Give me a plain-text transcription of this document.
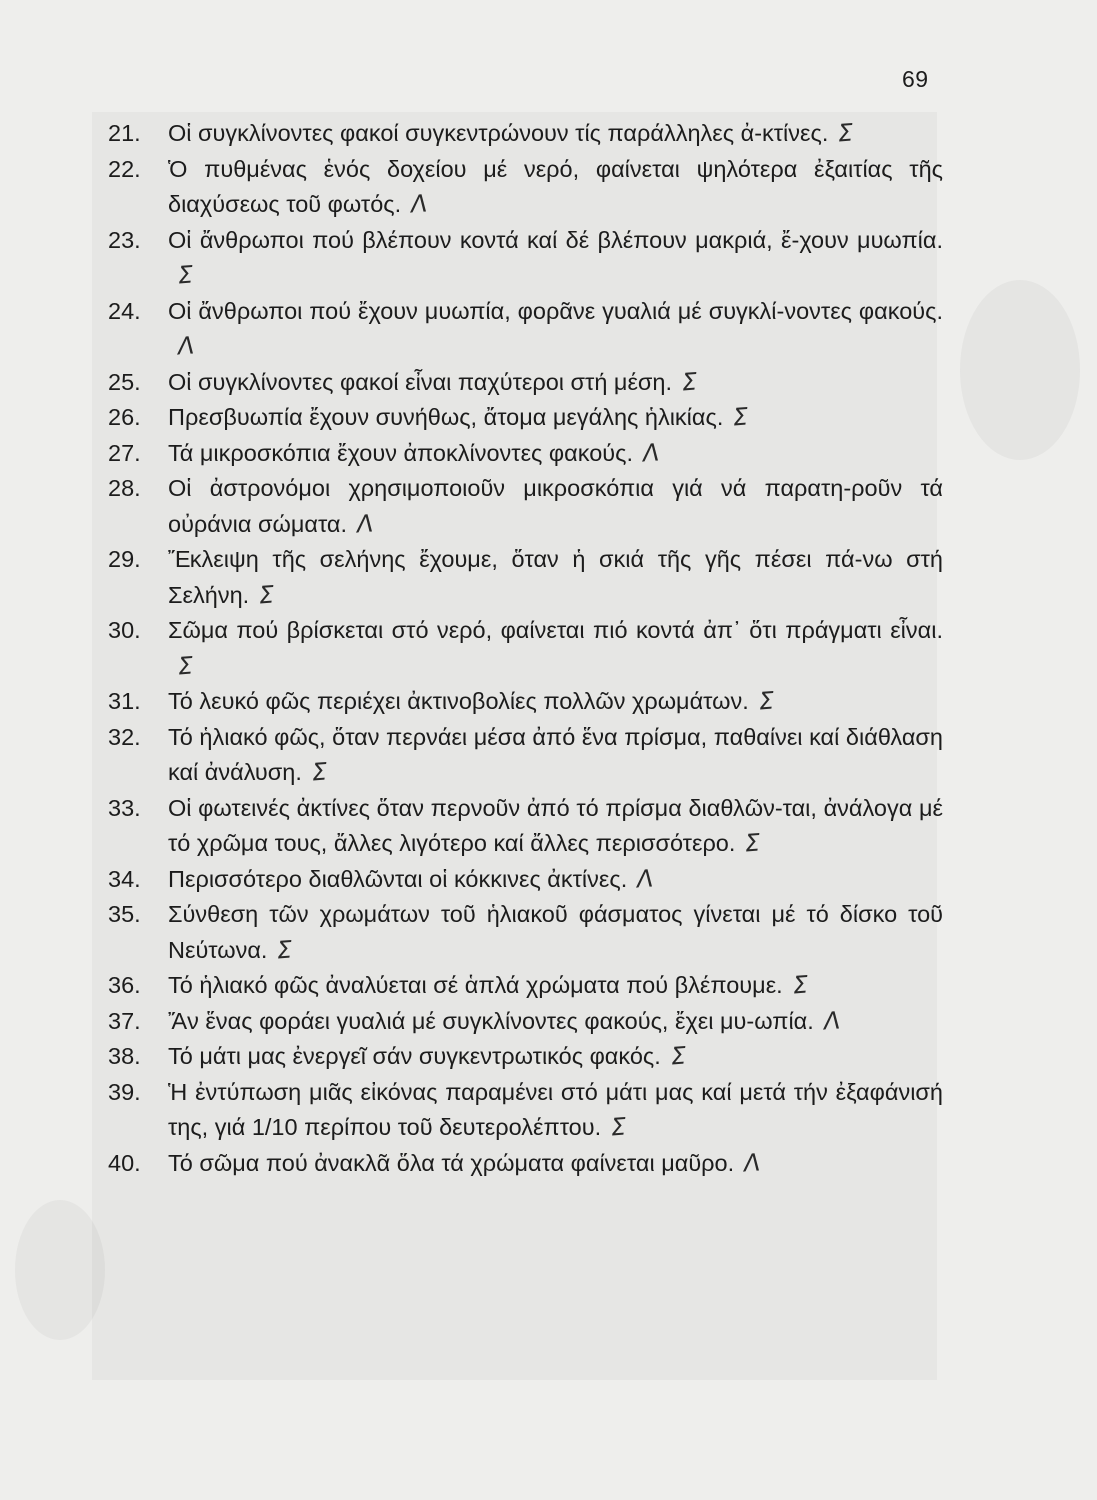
69
21.	Οἱ συγκλίνοντες φακοί συγκεντρώνουν τίς παράλληλες ἀ-κτίνες. Σ
22.	Ὁ πυθμένας ἑνός δοχείου μέ νερό, φαίνεται ψηλότερα ἐξαιτίας τῆς διαχύσεως τοῦ φωτός. Λ
23.	Οἱ ἄνθρωποι πού βλέπουν κοντά καί δέ βλέπουν μακριά, ἔ-χουν μυωπία.Σ
24.	Οἱ ἄνθρωποι πού ἔχουν μυωπία, φορᾶνε γυαλιά μέ συγκλί-νοντες φακούς.Λ
25.	Οἱ συγκλίνοντες φακοί εἶναι παχύτεροι στή μέση. Σ
26.	Πρεσβυωπία ἔχουν συνήθως, ἄτομα μεγάλης ἡλικίας. Σ
27.	Τά μικροσκόπια ἔχουν ἀποκλίνοντες φακούς. Λ
28.	Οἱ ἀστρονόμοι χρησιμοποιοῦν μικροσκόπια γιά νά παρατη-ροῦν τά οὐράνια σώματα. Λ
29.	Ἔκλειψη τῆς σελήνης ἔχουμε, ὅταν ἡ σκιά τῆς γῆς πέσει πά-νω στή Σελήνη. Σ
30.	Σῶμα πού βρίσκεται στό νερό, φαίνεται πιό κοντά ἀπ᾽ ὅτι πράγματι εἶναι.Σ
31.	Τό λευκό φῶς περιέχει ἀκτινοβολίες πολλῶν χρωμάτων. Σ
32.	Τό ἡλιακό φῶς, ὅταν περνάει μέσα ἀπό ἕνα πρίσμα, παθαίνει καί διάθλαση καί ἀνάλυση. Σ
33.	Οἱ φωτεινές ἀκτίνες ὅταν περνοῦν ἀπό τό πρίσμα διαθλῶν-ται, ἀνάλογα μέ τό χρῶμα τους, ἄλλες λιγότερο καί ἄλλες περισσότερο. Σ
34.	Περισσότερο διαθλῶνται οἱ κόκκινες ἀκτίνες. Λ
35.	Σύνθεση τῶν χρωμάτων τοῦ ἡλιακοῦ φάσματος γίνεται μέ τό δίσκο τοῦ Νεύτωνα. Σ
36.	Τό ἡλιακό φῶς ἀναλύεται σέ ἁπλά χρώματα πού βλέπουμε. Σ
37.	Ἄν ἕνας φοράει γυαλιά μέ συγκλίνοντες φακούς, ἔχει μυ-ωπία. Λ
38.	Τό μάτι μας ἐνεργεῖ σάν συγκεντρωτικός φακός. Σ
39.	Ἡ ἐντύπωση μιᾶς εἰκόνας παραμένει στό μάτι μας καί μετά τήν ἐξαφάνισή της, γιά 1/10 περίπου τοῦ δευτερολέπτου. Σ
40.	Τό σῶμα πού ἀνακλᾶ ὅλα τά χρώματα φαίνεται μαῦρο. Λ
